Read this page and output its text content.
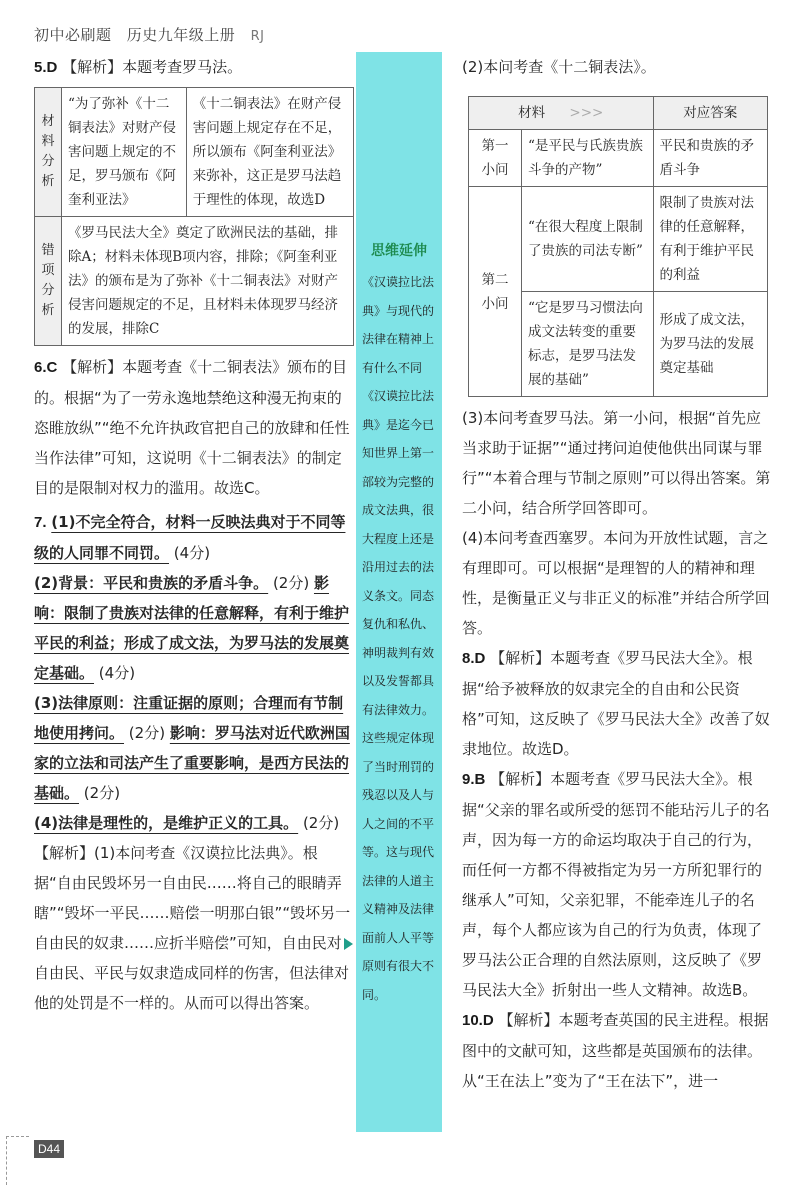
初中必刷题 历史九年级上册 RJ

5.D 【解析】本题考查罗马法。

材料分析	“为了弥补《十二铜表法》对财产侵害问题上规定的不足，罗马颁布《阿奎利亚法》	《十二铜表法》在财产侵害问题上规定存在不足，所以颁布《阿奎利亚法》来弥补，这正是罗马法趋于理性的体现，故选D
错项分析	《罗马民法大全》奠定了欧洲民法的基础，排除A；材料未体现B项内容，排除；《阿奎利亚法》的颁布是为了弥补《十二铜表法》对财产侵害问题规定的不足，且材料未体现罗马经济的发展，排除C	

6.C 【解析】本题考查《十二铜表法》颁布的目的。根据“为了一劳永逸地禁绝这种漫无拘束的恣睢放纵”“绝不允许执政官把自己的放肆和任性当作法律”可知，这说明《十二铜表法》的制定目的是限制对权力的滥用。故选C。

7. (1)不完全符合，材料一反映法典对于不同等级的人同罪不同罚。 (4分)

(2)背景：平民和贵族的矛盾斗争。 (2分) 影响：限制了贵族对法律的任意解释，有利于维护平民的利益；形成了成文法，为罗马法的发展奠定基础。 (4分)

(3)法律原则：注重证据的原则；合理而有节制地使用拷问。 (2分) 影响：罗马法对近代欧洲国家的立法和司法产生了重要影响，是西方民法的基础。 (2分)

(4)法律是理性的，是维护正义的工具。 (2分)

【解析】(1)本问考查《汉谟拉比法典》。根据“自由民毁坏另一自由民……将自己的眼睛弄瞎”“毁坏一平民……赔偿一明那白银”“毁坏另一自由民的奴隶……应折半赔偿”可知，自由民对自由民、平民与奴隶造成同样的伤害，但法律对他的处罚是不一样的。从而可以得出答案。

思维延伸
《汉谟拉比法典》与现代的法律在精神上有什么不同《汉谟拉比法典》是迄今已知世界上第一部较为完整的成文法典，很大程度上还是沿用过去的法义条文。同态复仇和私仇、神明裁判有效以及发誓都具有法律效力。这些规定体现了当时刑罚的残忍以及人与人之间的不平等。这与现代法律的人道主义精神及法律面前人人平等原则有很大不同。

(2)本问考查《十二铜表法》。

材料 >>>		对应答案
第一小问	“是平民与氏族贵族斗争的产物”	平民和贵族的矛盾斗争
第二小问	“在很大程度上限制了贵族的司法专断”	限制了贵族对法律的任意解释，有利于维护平民的利益
	“它是罗马习惯法向成文法转变的重要标志，是罗马法发展的基础”	形成了成文法，为罗马法的发展奠定基础

(3)本问考查罗马法。第一小问，根据“首先应当求助于证据”“通过拷问迫使他供出同谋与罪行”“本着合理与节制之原则”可以得出答案。第二小问，结合所学回答即可。

(4)本问考查西塞罗。本问为开放性试题，言之有理即可。可以根据“是理智的人的精神和理性，是衡量正义与非正义的标准”并结合所学回答。

8.D 【解析】本题考查《罗马民法大全》。根据“给予被释放的奴隶完全的自由和公民资格”可知，这反映了《罗马民法大全》改善了奴隶地位。故选D。

9.B 【解析】本题考查《罗马民法大全》。根据“父亲的罪名或所受的惩罚不能玷污儿子的名声，因为每一方的命运均取决于自己的行为，而任何一方都不得被指定为另一方所犯罪行的继承人”可知，父亲犯罪，不能牵连儿子的名声，每个人都应该为自己的行为负责，体现了罗马法公正合理的自然法原则，这反映了《罗马民法大全》折射出一些人文精神。故选B。

10.D 【解析】本题考查英国的民主进程。根据图中的文献可知，这些都是英国颁布的法律。从“王在法上”变为了“王在法下”，进一

D44
